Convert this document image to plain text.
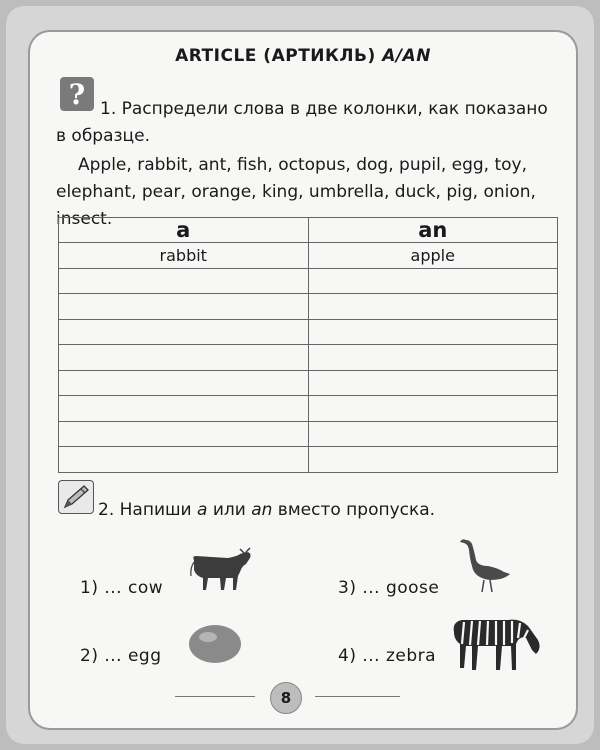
ARTICLE (АРТИКЛЬ) A/AN
? 1. Распредели слова в две колонки, как показано в образце.
Apple, rabbit, ant, fish, octopus, dog, pupil, egg, toy, elephant, pear, orange, king, umbrella, duck, pig, onion, insect.	a	an
rabbit	apple

2. Напиши a или an вместо пропуска.
1) ... cow
2) ... egg
3) ... goose
4) ... zebra
8
